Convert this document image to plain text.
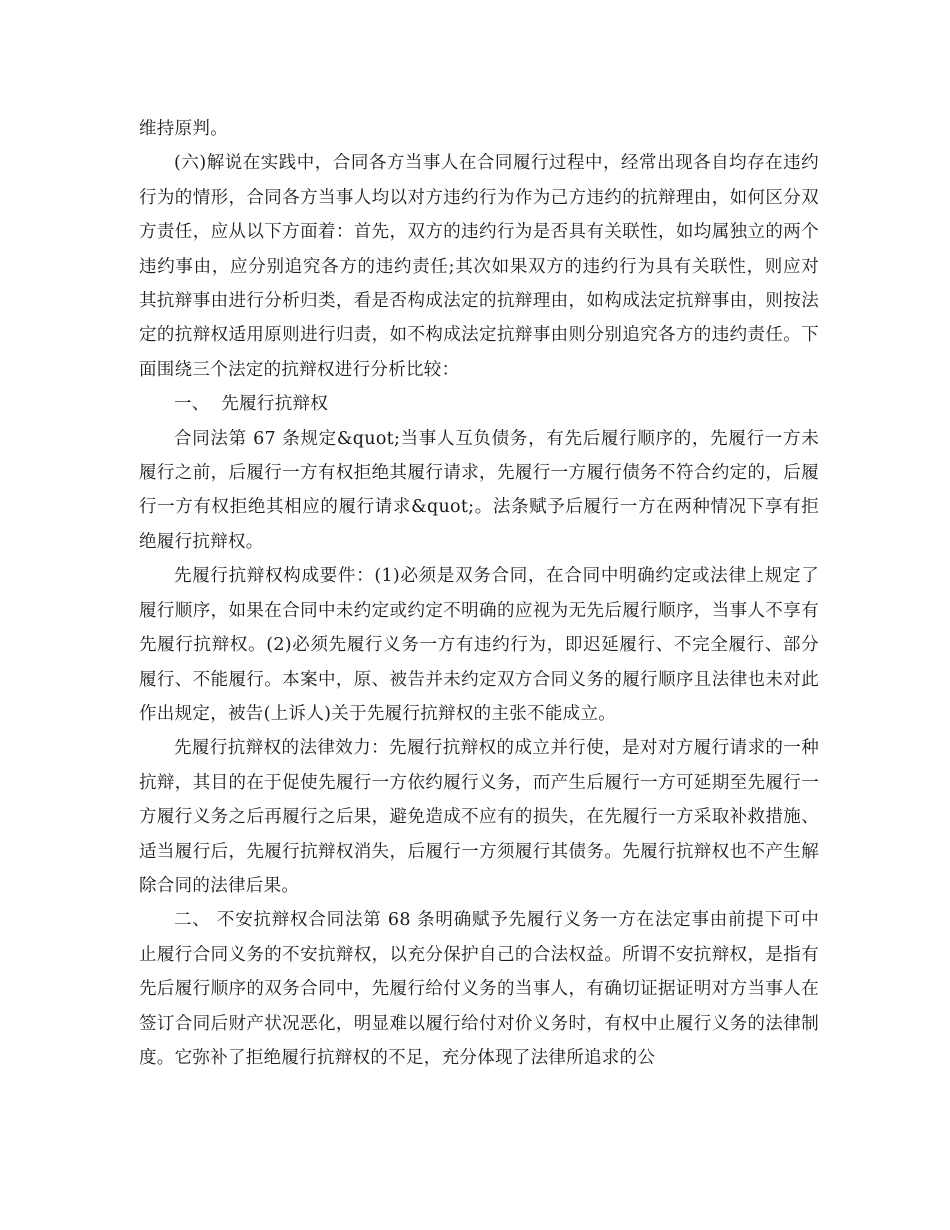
维持原判。

(六)解说在实践中，合同各方当事人在合同履行过程中，经常出现各自均存在违约行为的情形，合同各方当事人均以对方违约行为作为己方违约的抗辩理由，如何区分双方责任，应从以下方面着：首先，双方的违约行为是否具有关联性，如均属独立的两个违约事由，应分别追究各方的违约责任;其次如果双方的违约行为具有关联性，则应对其抗辩事由进行分析归类，看是否构成法定的抗辩理由，如构成法定抗辩事由，则按法定的抗辩权适用原则进行归责，如不构成法定抗辩事由则分别追究各方的违约责任。下面围绕三个法定的抗辩权进行分析比较：

一、  先履行抗辩权

合同法第 67 条规定&quot;当事人互负债务，有先后履行顺序的，先履行一方未履行之前，后履行一方有权拒绝其履行请求，先履行一方履行债务不符合约定的，后履行一方有权拒绝其相应的履行请求&quot;。法条赋予后履行一方在两种情况下享有拒绝履行抗辩权。

先履行抗辩权构成要件：(1)必须是双务合同，在合同中明确约定或法律上规定了履行顺序，如果在合同中未约定或约定不明确的应视为无先后履行顺序，当事人不享有先履行抗辩权。(2)必须先履行义务一方有违约行为，即迟延履行、不完全履行、部分履行、不能履行。本案中，原、被告并未约定双方合同义务的履行顺序且法律也未对此作出规定，被告(上诉人)关于先履行抗辩权的主张不能成立。

先履行抗辩权的法律效力：先履行抗辩权的成立并行使，是对对方履行请求的一种抗辩，其目的在于促使先履行一方依约履行义务，而产生后履行一方可延期至先履行一方履行义务之后再履行之后果，避免造成不应有的损失，在先履行一方采取补救措施、适当履行后，先履行抗辩权消失，后履行一方须履行其债务。先履行抗辩权也不产生解除合同的法律后果。

二、 不安抗辩权合同法第 68 条明确赋予先履行义务一方在法定事由前提下可中止履行合同义务的不安抗辩权，以充分保护自己的合法权益。所谓不安抗辩权，是指有先后履行顺序的双务合同中，先履行给付义务的当事人，有确切证据证明对方当事人在签订合同后财产状况恶化，明显难以履行给付对价义务时，有权中止履行义务的法律制度。它弥补了拒绝履行抗辩权的不足，充分体现了法律所追求的公
